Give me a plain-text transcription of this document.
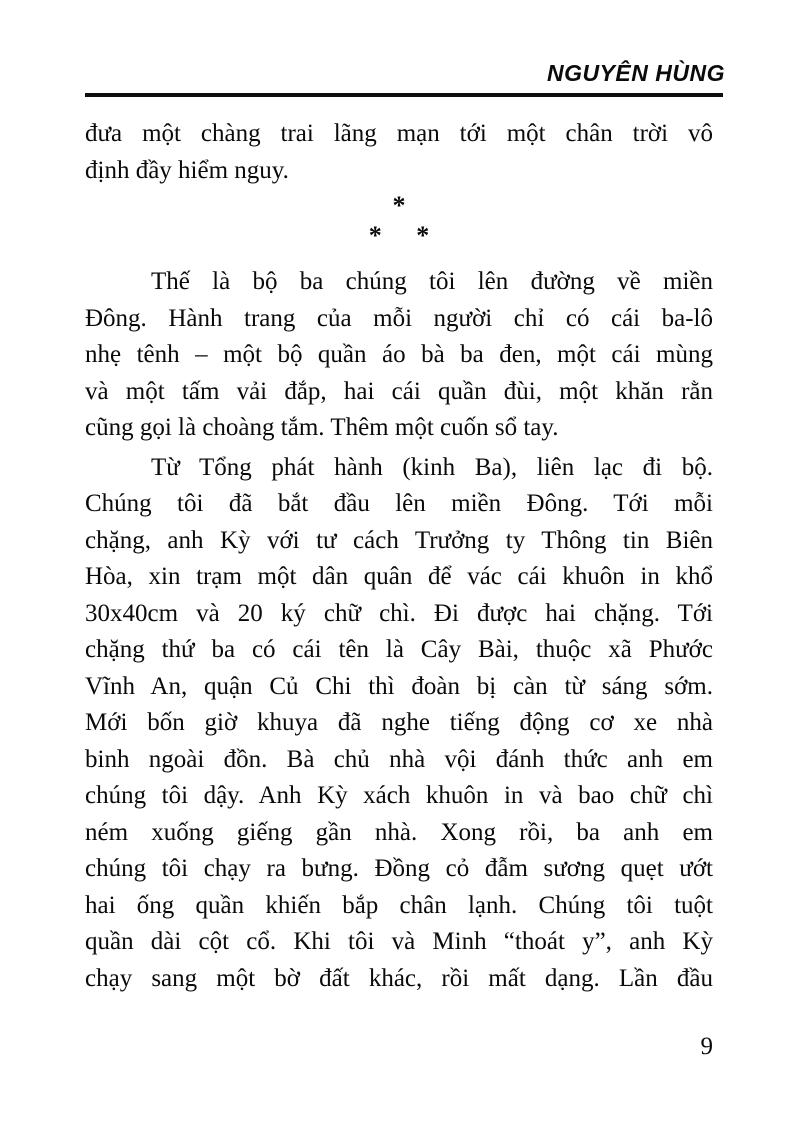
NGUYÊN HÙNG
đưa một chàng trai lãng mạn tới một chân trời vô
định đầy hiểm nguy.
*
* *
Thế là bộ ba chúng tôi lên đường về miền
Đông. Hành trang của mỗi người chỉ có cái ba-lô
nhẹ tênh – một bộ quần áo bà ba đen, một cái mùng
và một tấm vải đắp, hai cái quần đùi, một khăn rằn
cũng gọi là choàng tắm. Thêm một cuốn sổ tay.
Từ Tổng phát hành (kinh Ba), liên lạc đi bộ.
Chúng tôi đã bắt đầu lên miền Đông. Tới mỗi
chặng, anh Kỳ với tư cách Trưởng ty Thông tin Biên
Hòa, xin trạm một dân quân để vác cái khuôn in khổ
30x40cm và 20 ký chữ chì. Đi được hai chặng. Tới
chặng thứ ba có cái tên là Cây Bài, thuộc xã Phước
Vĩnh An, quận Củ Chi thì đoàn bị càn từ sáng sớm.
Mới bốn giờ khuya đã nghe tiếng động cơ xe nhà
binh ngoài đồn. Bà chủ nhà vội đánh thức anh em
chúng tôi dậy. Anh Kỳ xách khuôn in và bao chữ chì
ném xuống giếng gần nhà. Xong rồi, ba anh em
chúng tôi chạy ra bưng. Đồng cỏ đẫm sương quẹt ướt
hai ống quần khiến bắp chân lạnh. Chúng tôi tuột
quần dài cột cổ. Khi tôi và Minh “thoát y”, anh Kỳ
chạy sang một bờ đất khác, rồi mất dạng. Lần đầu
9
